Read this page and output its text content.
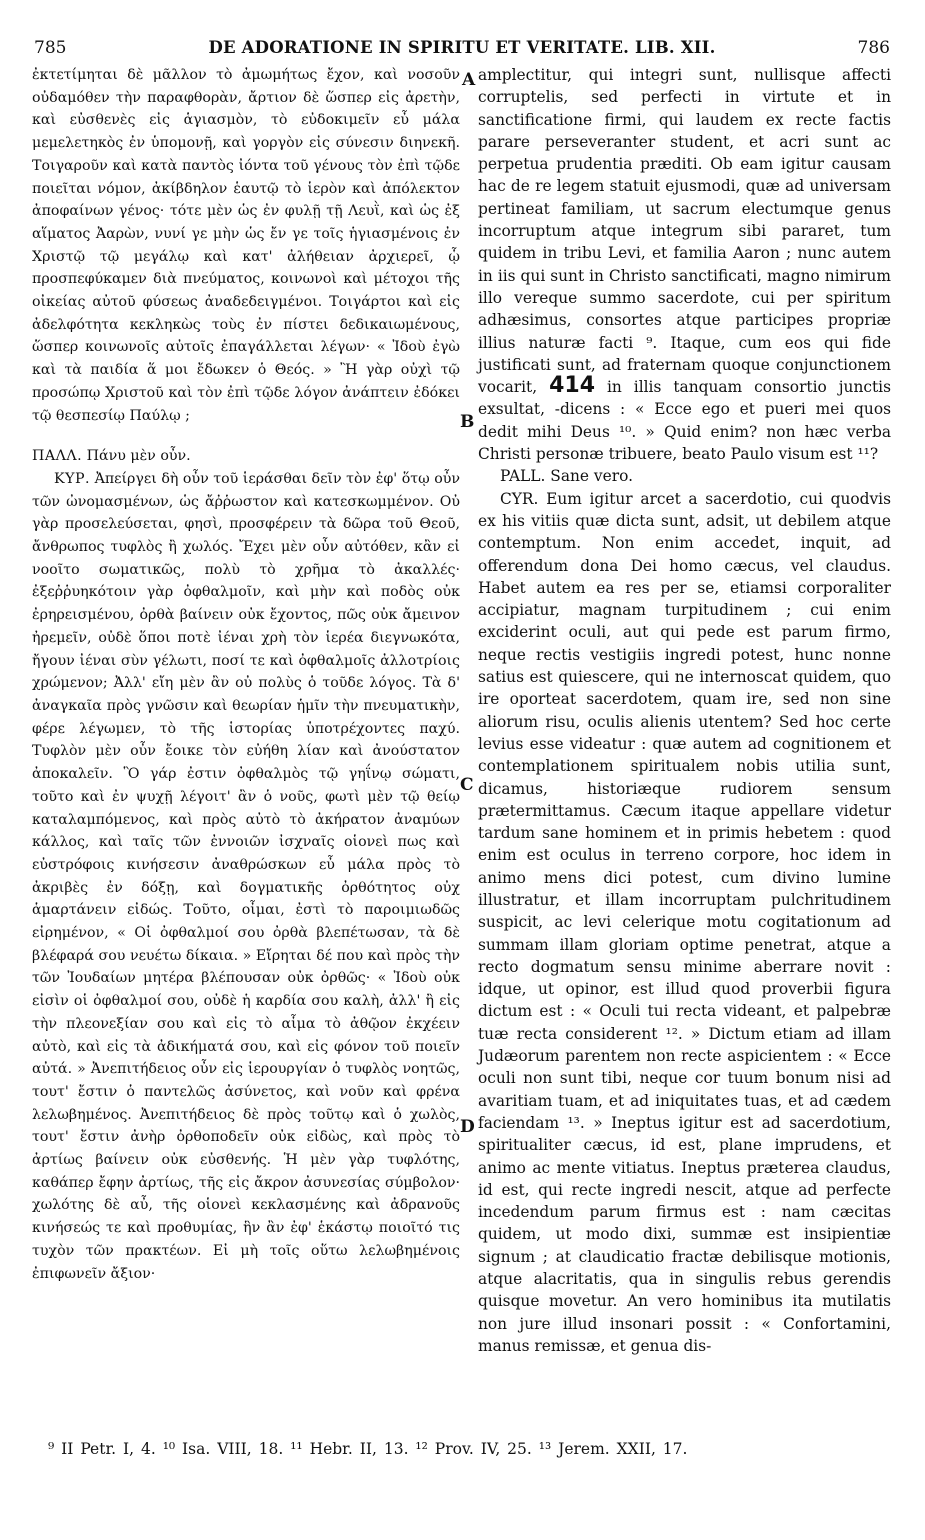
785	DE ADORATIONE IN SPIRITU ET VERITATE. LIB. XII.	786

ἐκτετίμηται δὲ μᾶλλον τὸ ἀμωμήτως ἔχον, καὶ νοσοῦν οὐδαμόθεν τὴν παραφθορὰν, ἄρτιον δὲ ὥσπερ εἰς ἀρετὴν, καὶ εὐσθενὲς εἰς ἁγιασμὸν, τὸ εὐδοκιμεῖν εὖ μάλα μεμελετηκὸς ἐν ὑπομονῇ, καὶ γοργὸν εἰς σύνεσιν διηνεκῆ. Τοιγαροῦν καὶ κατὰ παντὸς ἰόντα τοῦ γένους τὸν ἐπὶ τῷδε ποιεῖται νόμον, ἀκίβδηλον ἑαυτῷ τὸ ἱερὸν καὶ ἀπόλεκτον ἀποφαίνων γένος· τότε μὲν ὡς ἐν φυλῇ τῇ Λευῒ, καὶ ὡς ἐξ αἵματος Ἀαρὼν, νυνί γε μὴν ὡς ἔν γε τοῖς ἡγιασμένοις ἐν Χριστῷ τῷ μεγάλῳ καὶ κατ' ἀλήθειαν ἀρχιερεῖ, ᾧ προσπεφύκαμεν διὰ πνεύματος, κοινωνοὶ καὶ μέτοχοι τῆς οἰκείας αὐτοῦ φύσεως ἀναδεδειγμένοι. Τοιγάρτοι καὶ εἰς ἀδελφότητα κεκληκὼς τοὺς ἐν πίστει δεδικαιωμένους, ὥσπερ κοινωνοῖς αὐτοῖς ἐπαγάλλεται λέγων· « Ἰδοὺ ἐγὼ καὶ τὰ παιδία ἅ μοι ἔδωκεν ὁ Θεός. » Ἢ γὰρ οὐχὶ τῷ προσώπῳ Χριστοῦ καὶ τὸν ἐπὶ τῷδε λόγον ἀνάπτειν ἐδόκει τῷ θεσπεσίῳ Παύλῳ ;

ΠΑΛΛ. Πάνυ μὲν οὖν.

ΚΥΡ. Ἀπείργει δὴ οὖν τοῦ ἱεράσθαι δεῖν τὸν ἐφ' ὅτῳ οὖν τῶν ὠνομασμένων, ὡς ἄῤῥωστον καὶ κατεσκωμμένον. Οὐ γὰρ προσελεύσεται, φησὶ, προσφέρειν τὰ δῶρα τοῦ Θεοῦ, ἄνθρωπος τυφλὸς ἢ χωλός. Ἔχει μὲν οὖν αὐτόθεν, κἂν εἰ νοοῖτο σωματικῶς, πολὺ τὸ χρῆμα τὸ ἀκαλλές· ἐξεῤῥυηκότοιν γὰρ ὀφθαλμοῖν, καὶ μὴν καὶ ποδὸς οὐκ ἐρηρεισμένου, ὀρθὰ βαίνειν οὐκ ἔχοντος, πῶς οὐκ ἄμεινον ἠρεμεῖν, οὐδὲ ὅποι ποτὲ ἰέναι χρὴ τὸν ἱερέα διεγνωκότα, ἤγουν ἰέναι σὺν γέλωτι, ποσί τε καὶ ὀφθαλμοῖς ἀλλοτρίοις χρώμενον; Ἀλλ' εἴη μὲν ἂν οὐ πολὺς ὁ τοῦδε λόγος. Τὰ δ' ἀναγκαῖα πρὸς γνῶσιν καὶ θεωρίαν ἡμῖν τὴν πνευματικὴν, φέρε λέγωμεν, τὸ τῆς ἱστορίας ὑποτρέχοντες παχύ. Τυφλὸν μὲν οὖν ἔοικε τὸν εὐήθη λίαν καὶ ἀνούστατον ἀποκαλεῖν. Ὃ γάρ ἐστιν ὀφθαλμὸς τῷ γηΐνῳ σώματι, τοῦτο καὶ ἐν ψυχῇ λέγοιτ' ἂν ὁ νοῦς, φωτὶ μὲν τῷ θείῳ καταλαμπόμενος, καὶ πρὸς αὐτὸ τὸ ἀκήρατον ἀναμύων κάλλος, καὶ ταῖς τῶν ἐννοιῶν ἰσχναῖς οἱονεὶ πως καὶ εὐστρόφοις κινήσεσιν ἀναθρώσκων εὖ μάλα πρὸς τὸ ἀκριβὲς ἐν δόξῃ, καὶ δογματικῆς ὀρθότητος οὐχ ἁμαρτάνειν εἰδώς. Τοῦτο, οἶμαι, ἐστὶ τὸ παροιμιωδῶς εἰρημένον, « Οἱ ὀφθαλμοί σου ὀρθὰ βλεπέτωσαν, τὰ δὲ βλέφαρά σου νευέτω δίκαια. » Εἴρηται δέ που καὶ πρὸς τὴν τῶν Ἰουδαίων μητέρα βλέπουσαν οὐκ ὀρθῶς· « Ἰδοὺ οὐκ εἰσὶν οἱ ὀφθαλμοί σου, οὐδὲ ἡ καρδία σου καλὴ, ἀλλ' ἢ εἰς τὴν πλεονεξίαν σου καὶ εἰς τὸ αἷμα τὸ ἀθῷον ἐκχέειν αὐτὸ, καὶ εἰς τὰ ἀδικήματά σου, καὶ εἰς φόνον τοῦ ποιεῖν αὐτά. » Ἀνεπιτήδειος οὖν εἰς ἱερουργίαν ὁ τυφλὸς νοητῶς, τουτ' ἔστιν ὁ παντελῶς ἀσύνετος, καὶ νοῦν καὶ φρένα λελωβημένος. Ἀνεπιτήδειος δὲ πρὸς τοῦτῳ καὶ ὁ χωλὸς, τουτ' ἔστιν ἀνὴρ ὀρθοποδεῖν οὐκ εἰδὼς, καὶ πρὸς τὸ ἀρτίως βαίνειν οὐκ εὐσθενής. Ἡ μὲν γὰρ τυφλότης, καθάπερ ἔφην ἀρτίως, τῆς εἰς ἄκρον ἀσυνεσίας σύμβολον· χωλότης δὲ αὖ, τῆς οἱονεὶ κεκλασμένης καὶ ἀδρανοῦς κινήσεώς τε καὶ προθυμίας, ἣν ἂν ἐφ' ἑκάστῳ ποιοῖτό τις τυχὸν τῶν πρακτέων. Εἰ μὴ τοῖς οὕτω λελωβημένοις ἐπιφωνεῖν ἄξιον·

amplectitur, qui integri sunt, nullisque affecti corruptelis, sed perfecti in virtute et in sanctificatione firmi, qui laudem ex recte factis parare perseveranter student, et acri sunt ac perpetua prudentia præditi. Ob eam igitur causam hac de re legem statuit ejusmodi, quæ ad universam pertineat familiam, ut sacrum electumque genus incorruptum atque integrum sibi pararet, tum quidem in tribu Levi, et familia Aaron ; nunc autem in iis qui sunt in Christo sanctificati, magno nimirum illo vereque summo sacerdote, cui per spiritum adhæsimus, consortes atque participes propriæ illius naturæ facti ⁹. Itaque, cum eos qui fide justificati sunt, ad fraternam quoque conjunctionem vocarit, 414 in illis tanquam consortio junctis exsultat, -dicens : « Ecce ego et pueri mei quos dedit mihi Deus ¹⁰. » Quid enim? non hæc verba Christi personæ tribuere, beato Paulo visum est ¹¹?

PALL. Sane vero.

CYR. Eum igitur arcet a sacerdotio, cui quodvis ex his vitiis quæ dicta sunt, adsit, ut debilem atque contemptum. Non enim accedet, inquit, ad offerendum dona Dei homo cæcus, vel claudus. Habet autem ea res per se, etiamsi corporaliter accipiatur, magnam turpitudinem ; cui enim exciderint oculi, aut qui pede est parum firmo, neque rectis vestigiis ingredi potest, hunc nonne satius est quiescere, qui ne internoscat quidem, quo ire oporteat sacerdotem, quam ire, sed non sine aliorum risu, oculis alienis utentem? Sed hoc certe levius esse videatur : quæ autem ad cognitionem et contemplationem spiritualem nobis utilia sunt, dicamus, historiæque rudiorem sensum prætermittamus. Cæcum itaque appellare videtur tardum sane hominem et in primis hebetem : quod enim est oculus in terreno corpore, hoc idem in animo mens dici potest, cum divino lumine illustratur, et illam incorruptam pulchritudinem suspicit, ac levi celerique motu cogitationum ad summam illam gloriam optime penetrat, atque a recto dogmatum sensu minime aberrare novit : idque, ut opinor, est illud quod proverbii figura dictum est : « Oculi tui recta videant, et palpebræ tuæ recta considerent ¹². » Dictum etiam ad illam Judæorum parentem non recte aspicientem : « Ecce oculi non sunt tibi, neque cor tuum bonum nisi ad avaritiam tuam, et ad iniquitates tuas, et ad cædem faciendam ¹³. » Ineptus igitur est ad sacerdotium, spiritualiter cæcus, id est, plane imprudens, et animo ac mente vitiatus. Ineptus præterea claudus, id est, qui recte ingredi nescit, atque ad perfecte incedendum parum firmus est : nam cæcitas quidem, ut modo dixi, summæ est insipientiæ signum ; at claudicatio fractæ debilisque motionis, atque alacritatis, qua in singulis rebus gerendis quisque movetur. An vero hominibus ita mutilatis non jure illud insonari possit : « Confortamini, manus remissæ, et genua dis-

A
B
C
D
⁹ II Petr. I, 4. ¹⁰ Isa. VIII, 18. ¹¹ Hebr. II, 13. ¹² Prov. IV, 25. ¹³ Jerem. XXII, 17.
